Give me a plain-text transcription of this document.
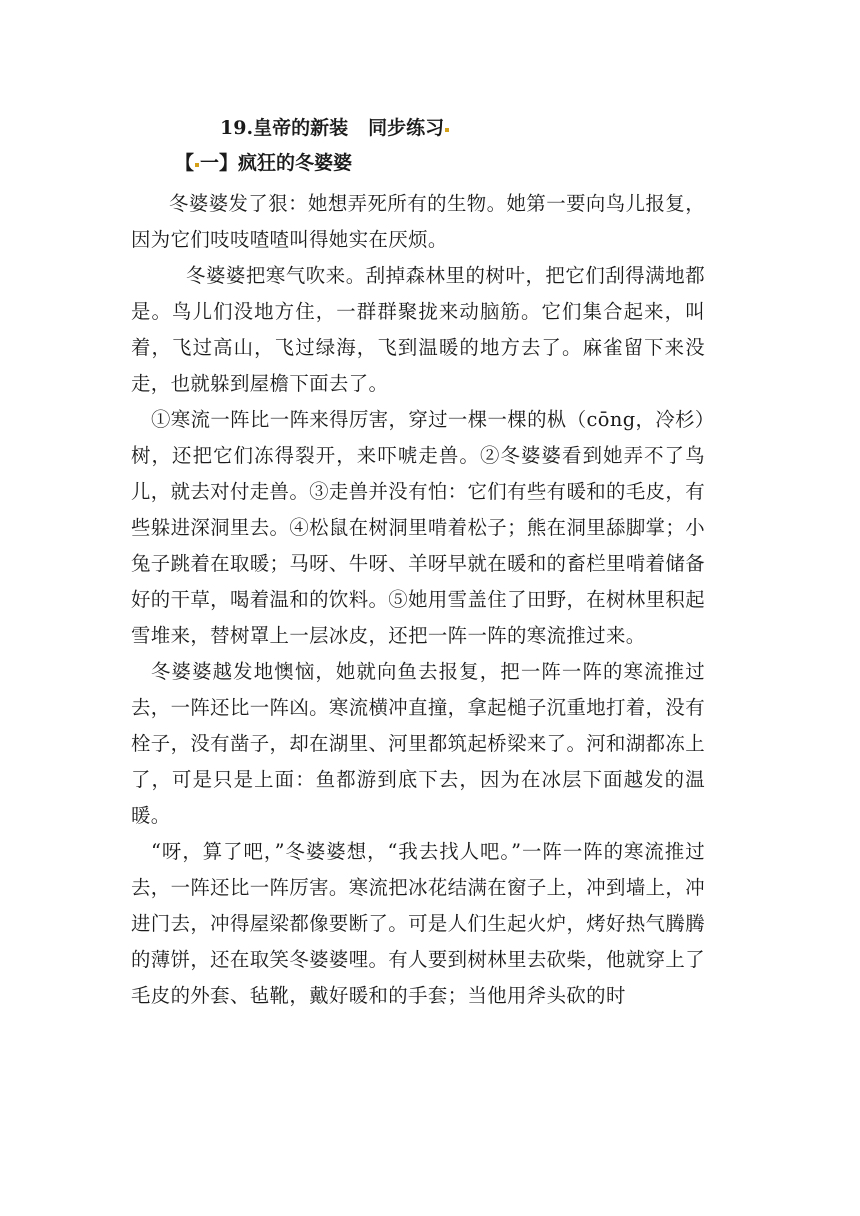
19.皇帝的新装 同步练习
【 一】疯狂的冬婆婆

冬婆婆发了狠：她想弄死所有的生物。她第一要向鸟儿报复，因为它们吱吱喳喳叫得她实在厌烦。

冬婆婆把寒气吹来。刮掉森林里的树叶，把它们刮得满地都是。鸟儿们没地方住，一群群聚拢来动脑筋。它们集合起来，叫着，飞过高山，飞过绿海，飞到温暖的地方去了。麻雀留下来没走，也就躲到屋檐下面去了。

①寒流一阵比一阵来得厉害，穿过一棵一棵的枞（cōng，冷杉）树，还把它们冻得裂开，来吓唬走兽。②冬婆婆看到她弄不了鸟儿，就去对付走兽。③走兽并没有怕：它们有些有暖和的毛皮，有些躲进深洞里去。④松鼠在树洞里啃着松子；熊在洞里舔脚掌；小兔子跳着在取暖；马呀、牛呀、羊呀早就在暖和的畜栏里啃着储备好的干草，喝着温和的饮料。⑤她用雪盖住了田野，在树林里积起雪堆来，替树罩上一层冰皮，还把一阵一阵的寒流推过来。

冬婆婆越发地懊恼，她就向鱼去报复，把一阵一阵的寒流推过去，一阵还比一阵凶。寒流横冲直撞，拿起槌子沉重地打着，没有栓子，没有凿子，却在湖里、河里都筑起桥梁来了。河和湖都冻上了，可是只是上面：鱼都游到底下去，因为在冰层下面越发的温暖。

“呀，算了吧，”冬婆婆想，“我去找人吧。”一阵一阵的寒流推过去，一阵还比一阵厉害。寒流把冰花结满在窗子上，冲到墙上，冲进门去，冲得屋梁都像要断了。可是人们生起火炉，烤好热气腾腾的薄饼，还在取笑冬婆婆哩。有人要到树林里去砍柴，他就穿上了毛皮的外套、毡靴，戴好暖和的手套；当他用斧头砍的时
